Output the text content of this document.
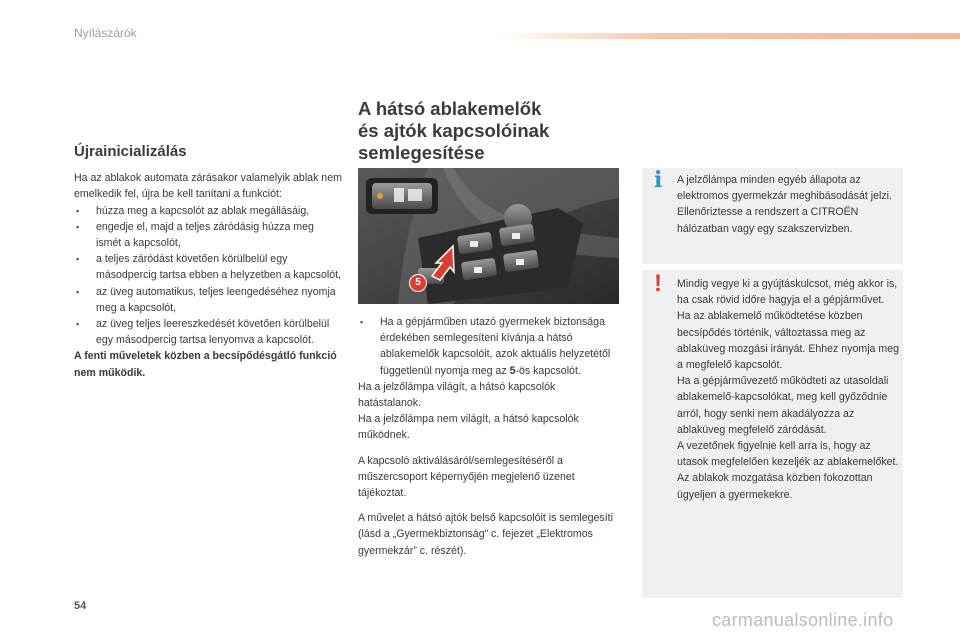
Nyílászárók
Újrainicializálás

Ha az ablakok automata zárásakor valamelyik ablak nem emelkedik fel, újra be kell tanítani a funkciót:

▪ húzza meg a kapcsolót az ablak megállásáig,
▪ engedje el, majd a teljes záródásig húzza meg ismét a kapcsolót,
▪ a teljes záródást követően körülbelül egy másodpercig tartsa ebben a helyzetben a kapcsolót,
▪ az üveg automatikus, teljes leengedéséhez nyomja meg a kapcsolót,
▪ az üveg teljes leereszkedését követően körülbelül egy másodpercig tartsa lenyomva a kapcsolót.

A fenti műveletek közben a becsípődésgátló funkció nem működik.

A hátsó ablakemelők
és ajtók kapcsolóinak
semlegesítése
5
▪ Ha a gépjárműben utazó gyermekek biztonsága érdekében semlegesíteni kívánja a hátsó ablakemelők kapcsolóit, azok aktuális helyzetétől függetlenül nyomja meg az 5-ös kapcsolót.

Ha a jelzőlámpa világít, a hátsó kapcsolók hatástalanok.

Ha a jelzőlámpa nem világít, a hátsó kapcsolók működnek.

A kapcsoló aktiválásáról/semlegesítéséről a műszercsoport képernyőjén megjelenő üzenet tájékoztat.

A művelet a hátsó ajtók belső kapcsolóit is semlegesíti (lásd a „Gyermekbiztonság” c. fejezet „Elektromos gyermekzár” c. részét).

i A jelzőlámpa minden egyéb állapota az elektromos gyermekzár meghibásodását jelzi.

Ellenőriztesse a rendszert a CITROËN hálózatban vagy egy szakszervizben.

! Mindig vegye ki a gyújtáskulcsot, még akkor is, ha csak rövid időre hagyja el a gépjárművet.

Ha az ablakemelő működtetése közben becsípődés történik, változtassa meg az ablaküveg mozgási irányát. Ehhez nyomja meg a megfelelő kapcsolót.

Ha a gépjárművezető működteti az utasoldali ablakemelő-kapcsolókat, meg kell győződnie arról, hogy senki nem akadályozza az ablaküveg megfelelő záródását.

A vezetőnek figyelnie kell arra is, hogy az utasok megfelelően kezeljék az ablakemelőket.

Az ablakok mozgatása közben fokozottan ügyeljen a gyermekekre.

54
carmanualsonline.info
